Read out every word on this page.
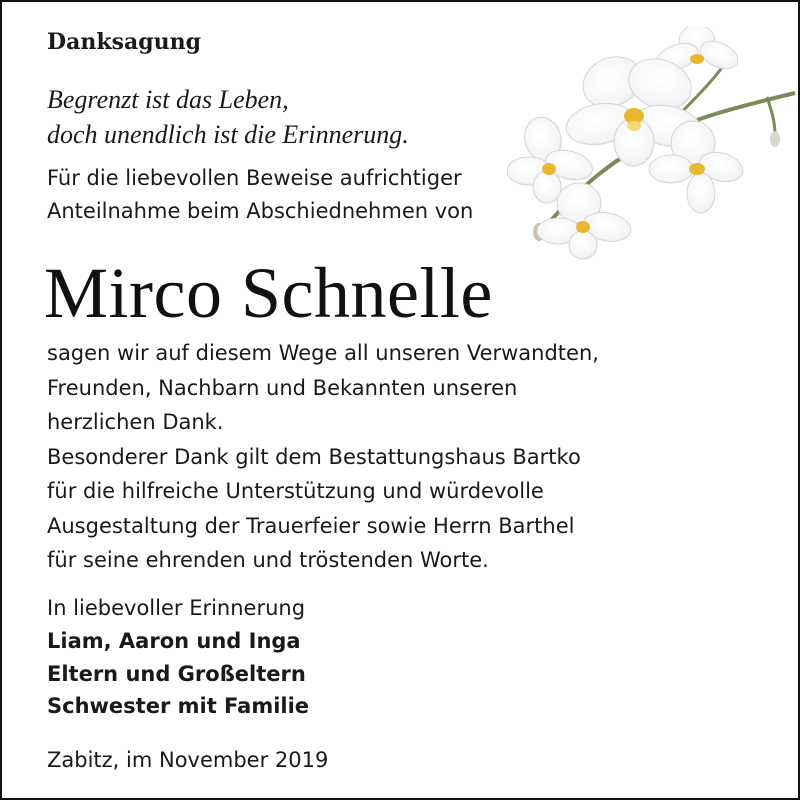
Danksagung
Begrenzt ist das Leben,
doch unendlich ist die Erinnerung.
Für die liebevollen Beweise aufrichtiger
Anteilnahme beim Abschiednehmen von
Mirco Schnelle
sagen wir auf diesem Wege all unseren Verwandten,
Freunden, Nachbarn und Bekannten unseren
herzlichen Dank.
Besonderer Dank gilt dem Bestattungshaus Bartko
für die hilfreiche Unterstützung und würdevolle
Ausgestaltung der Trauerfeier sowie Herrn Barthel
für seine ehrenden und tröstenden Worte.
In liebevoller Erinnerung
Liam, Aaron und Inga
Eltern und Großeltern
Schwester mit Familie
Zabitz, im November 2019
